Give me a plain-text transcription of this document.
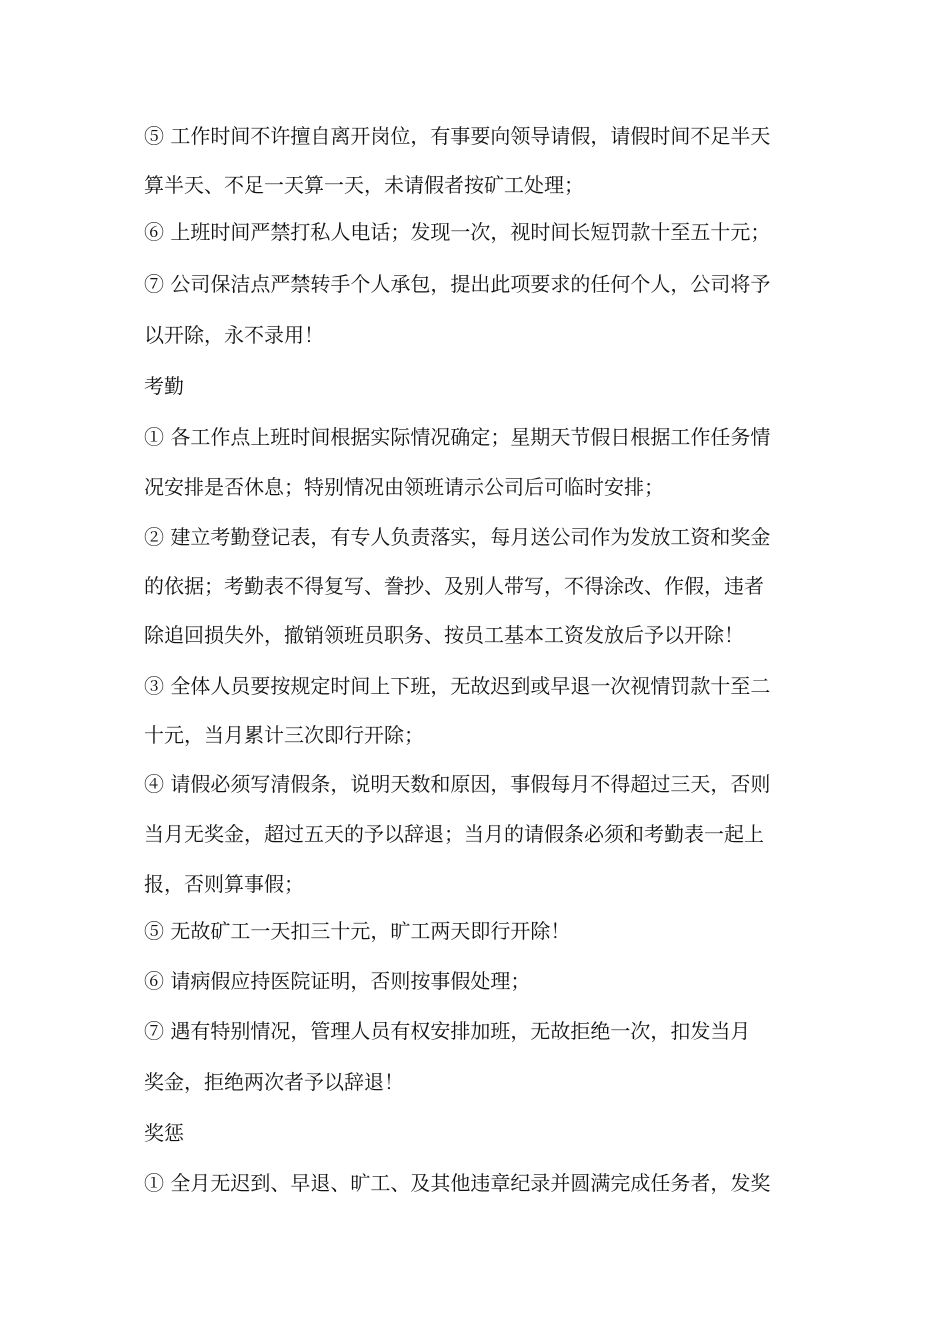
⑤ 工作时间不许擅自离开岗位，有事要向领导请假，请假时间不足半天
算半天、不足一天算一天，未请假者按矿工处理；
⑥ 上班时间严禁打私人电话；发现一次，视时间长短罚款十至五十元；
⑦ 公司保洁点严禁转手个人承包，提出此项要求的任何个人，公司将予
以开除，永不录用！
考勤
① 各工作点上班时间根据实际情况确定；星期天节假日根据工作任务情
况安排是否休息；特别情况由领班请示公司后可临时安排；
② 建立考勤登记表，有专人负责落实，每月送公司作为发放工资和奖金
的依据；考勤表不得复写、誊抄、及别人带写，不得涂改、作假，违者
除追回损失外，撤销领班员职务、按员工基本工资发放后予以开除！
③ 全体人员要按规定时间上下班，无故迟到或早退一次视情罚款十至二
十元，当月累计三次即行开除；
④ 请假必须写清假条，说明天数和原因，事假每月不得超过三天，否则
当月无奖金，超过五天的予以辞退；当月的请假条必须和考勤表一起上
报，否则算事假；
⑤ 无故矿工一天扣三十元，旷工两天即行开除！
⑥ 请病假应持医院证明，否则按事假处理；
⑦ 遇有特别情况，管理人员有权安排加班，无故拒绝一次，扣发当月
奖金，拒绝两次者予以辞退！
奖惩
① 全月无迟到、早退、旷工、及其他违章纪录并圆满完成任务者，发奖
